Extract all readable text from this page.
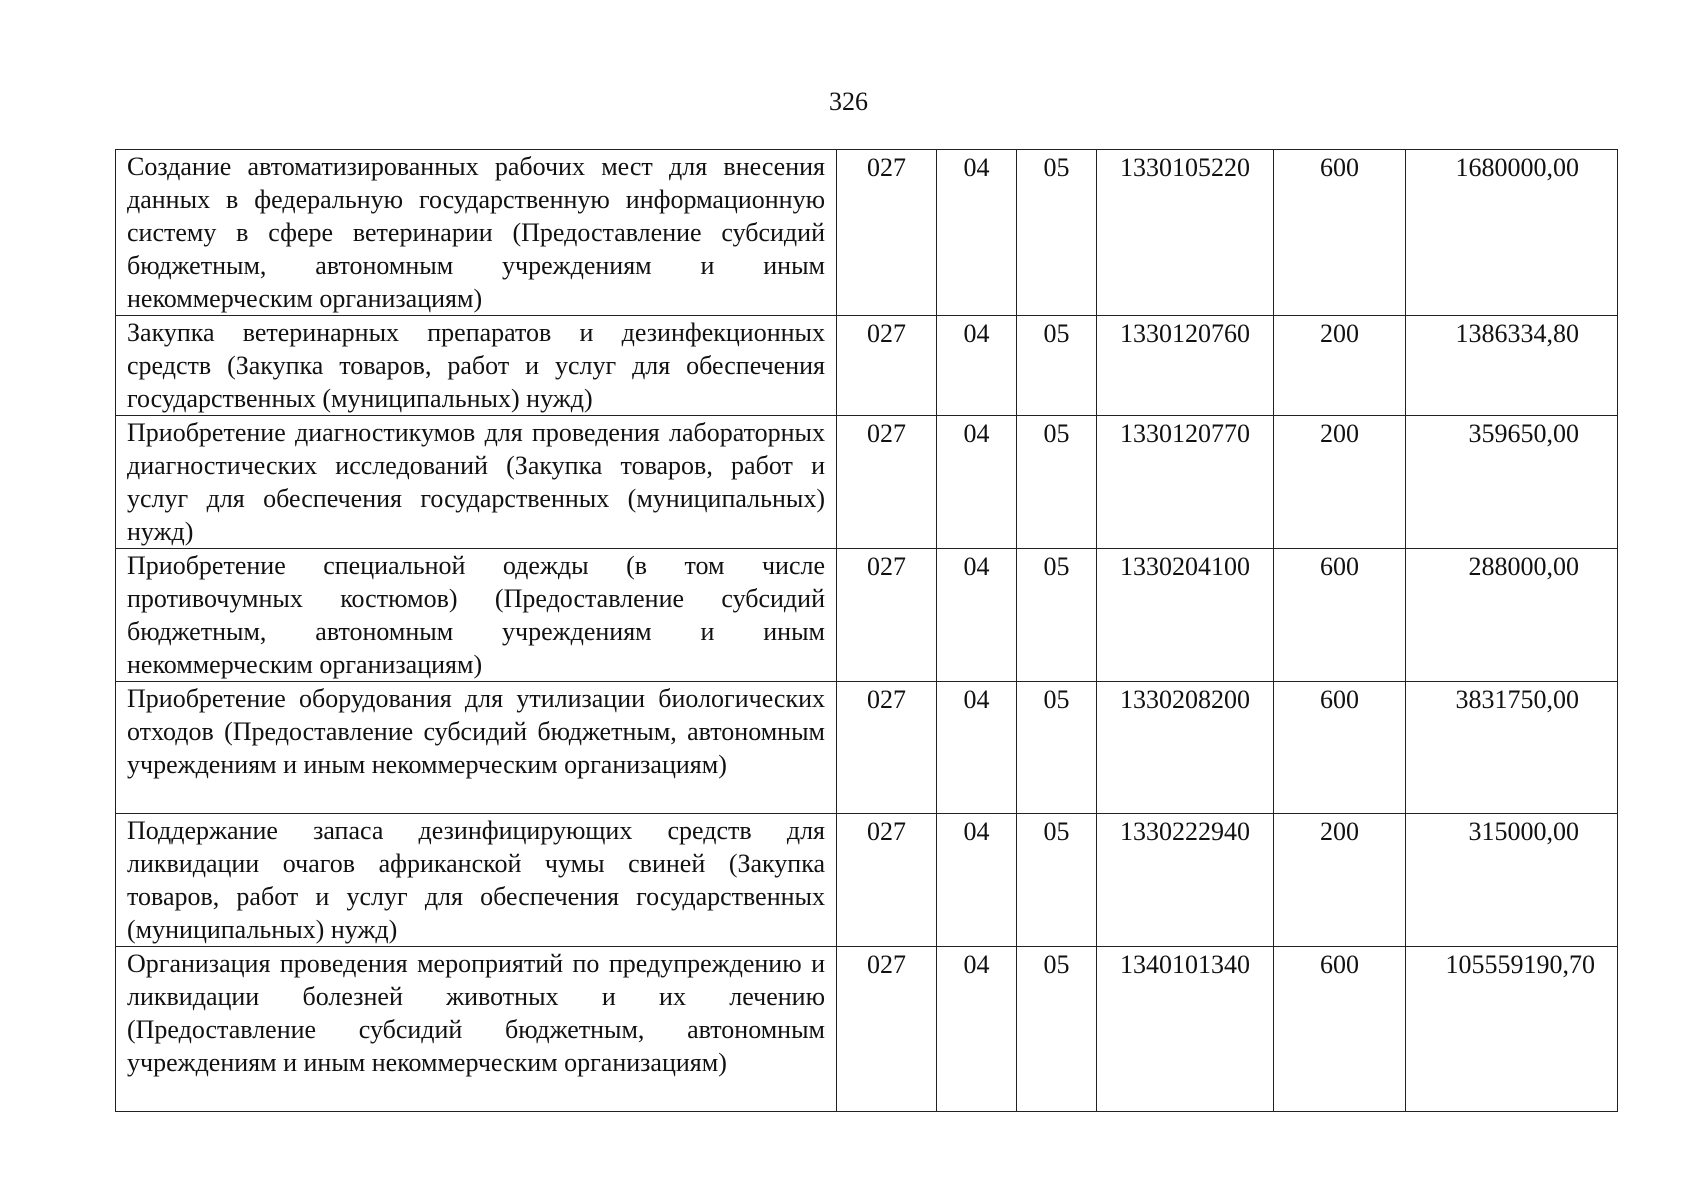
326
Создание автоматизированных рабочих мест для внесения данных в федеральную государственную информационную систему в сфере ветеринарии (Предоставление субсидий бюджетным, автономным учреждениям и иным некоммерческим организациям)	027	04	05	1330105220	600	1680000,00
Закупка ветеринарных препаратов и дезинфекционных средств (Закупка товаров, работ и услуг для обеспечения государственных (муниципальных) нужд)	027	04	05	1330120760	200	1386334,80
Приобретение диагностикумов для проведения лабораторных диагностических исследований (Закупка товаров, работ и услуг для обеспечения государственных (муниципальных) нужд)	027	04	05	1330120770	200	359650,00
Приобретение специальной одежды (в том числе противочумных костюмов) (Предоставление субсидий бюджетным, автономным учреждениям и иным некоммерческим организациям)	027	04	05	1330204100	600	288000,00
Приобретение оборудования для утилизации биологических отходов (Предоставление субсидий бюджетным, автономным учреждениям и иным некоммерческим организациям)	027	04	05	1330208200	600	3831750,00
Поддержание запаса дезинфицирующих средств для ликвидации очагов африканской чумы свиней (Закупка товаров, работ и услуг для обеспечения государственных (муниципальных) нужд)	027	04	05	1330222940	200	315000,00
Организация проведения мероприятий по предупреждению и ликвидации болезней животных и их лечению (Предоставление субсидий бюджетным, автономным учреждениям и иным некоммерческим организациям)	027	04	05	1340101340	600	105559190,70
